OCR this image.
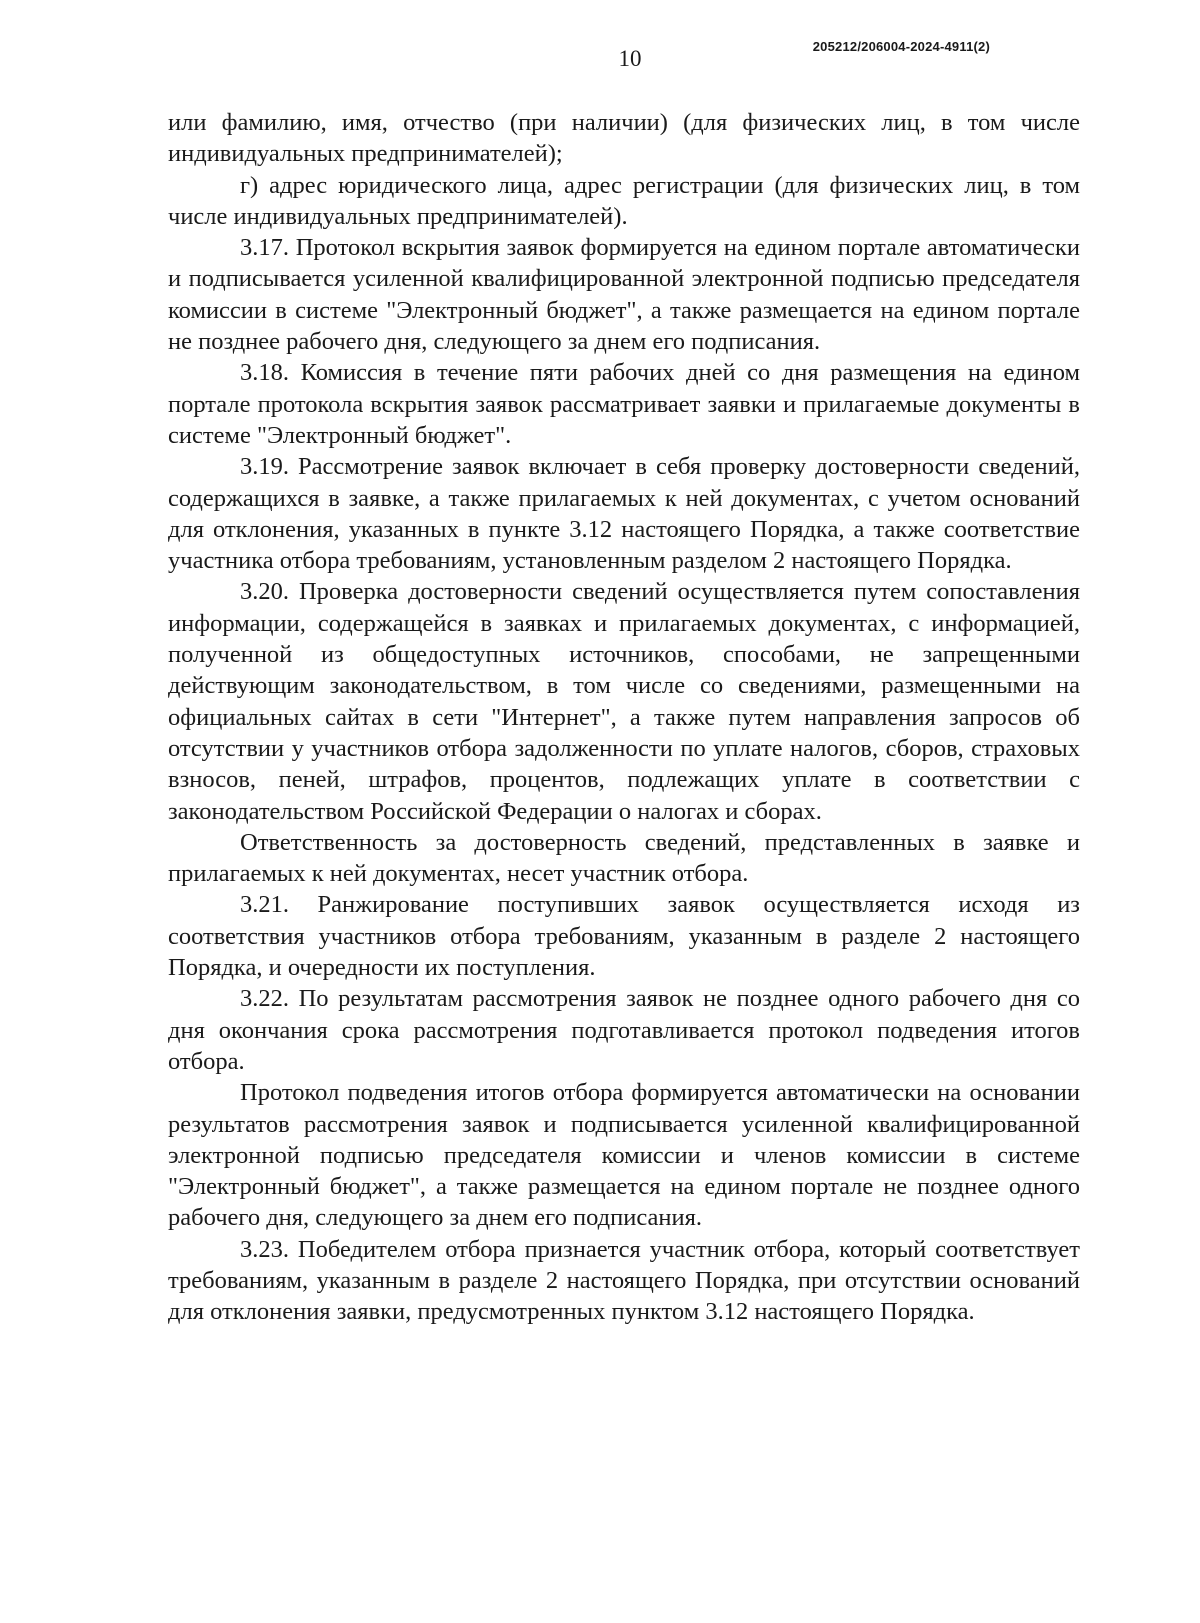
10	205212/206004-2024-4911(2)

или фамилию, имя, отчество (при наличии) (для физических лиц, в том числе индивидуальных предпринимателей);

г) адрес юридического лица, адрес регистрации (для физических лиц, в том числе индивидуальных предпринимателей).

3.17. Протокол вскрытия заявок формируется на едином портале автоматически и подписывается усиленной квалифицированной электронной подписью председателя комиссии в системе "Электронный бюджет", а также размещается на едином портале не позднее рабочего дня, следующего за днем его подписания.

3.18. Комиссия в течение пяти рабочих дней со дня размещения на едином портале протокола вскрытия заявок рассматривает заявки и прилагаемые документы в системе "Электронный бюджет".

3.19. Рассмотрение заявок включает в себя проверку достоверности сведений, содержащихся в заявке, а также прилагаемых к ней документах, с учетом оснований для отклонения, указанных в пункте 3.12 настоящего Порядка, а также соответствие участника отбора требованиям, установленным разделом 2 настоящего Порядка.

3.20. Проверка достоверности сведений осуществляется путем сопоставления информации, содержащейся в заявках и прилагаемых документах, с информацией, полученной из общедоступных источников, способами, не запрещенными действующим законодательством, в том числе со сведениями, размещенными на официальных сайтах в сети "Интернет", а также путем направления запросов об отсутствии у участников отбора задолженности по уплате налогов, сборов, страховых взносов, пеней, штрафов, процентов, подлежащих уплате в соответствии с законодательством Российской Федерации о налогах и сборах.

Ответственность за достоверность сведений, представленных в заявке и прилагаемых к ней документах, несет участник отбора.

3.21. Ранжирование поступивших заявок осуществляется исходя из соответствия участников отбора требованиям, указанным в разделе 2 настоящего Порядка, и очередности их поступления.

3.22. По результатам рассмотрения заявок не позднее одного рабочего дня со дня окончания срока рассмотрения подготавливается протокол подведения итогов отбора.

Протокол подведения итогов отбора формируется автоматически на основании результатов рассмотрения заявок и подписывается усиленной квалифицированной электронной подписью председателя комиссии и членов комиссии в системе "Электронный бюджет", а также размещается на едином портале не позднее одного рабочего дня, следующего за днем его подписания.

3.23. Победителем отбора признается участник отбора, который соответствует требованиям, указанным в разделе 2 настоящего Порядка, при отсутствии оснований для отклонения заявки, предусмотренных пунктом 3.12 настоящего Порядка.
